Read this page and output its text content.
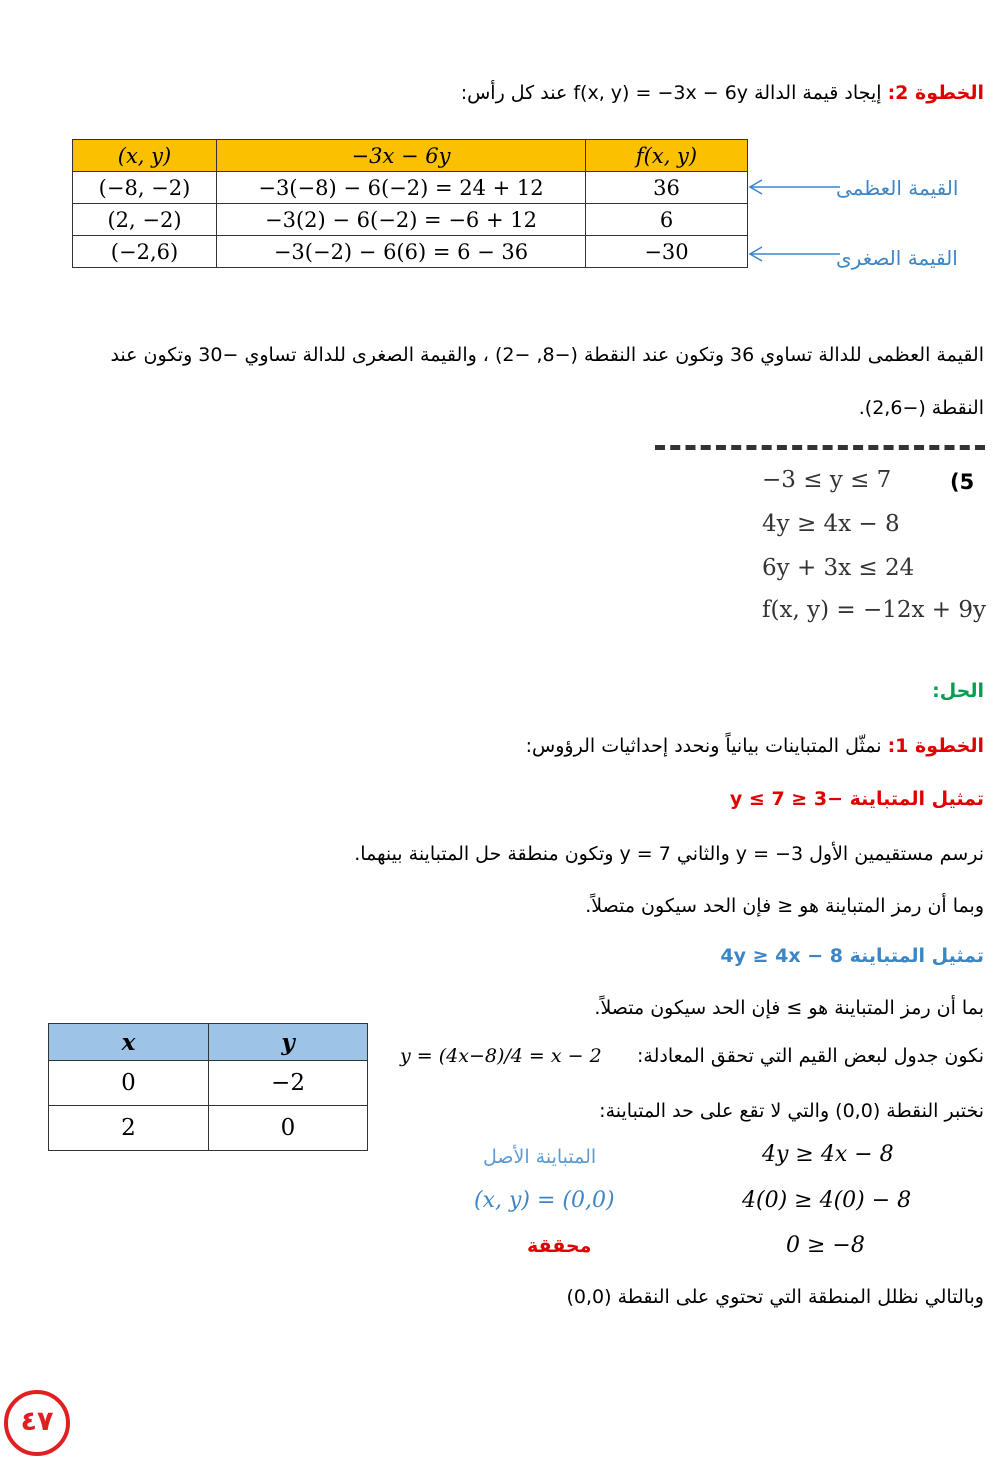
الخطوة 2: إيجاد قيمة الدالة f(x, y) = −3x − 6y عند كل رأس:
(x, y)	−3x − 6y	f(x, y)
(−8, −2)	−3(−8) − 6(−2) = 24 + 12	36
(2, −2)	−3(2) − 6(−2) = −6 + 12	6
(−2,6)	−3(−2) − 6(6) = 6 − 36	−30
القيمة العظمى
القيمة الصغرى
القيمة العظمى للدالة تساوي 36 وتكون عند النقطة (−8, −2) ، والقيمة الصغرى للدالة تساوي −30 وتكون عند
النقطة (−2,6).
(5
−3 ≤ y ≤ 7
4y ≥ 4x − 8
6y + 3x ≤ 24
f(x, y) = −12x + 9y
الحل:
الخطوة 1: نمثّل المتباينات بيانياً ونحدد إحداثيات الرؤوس:
تمثيل المتباينة −3 ≤ y ≤ 7
نرسم مستقيمين الأول y = −3 والثاني y = 7 وتكون منطقة حل المتباينة بينهما.
وبما أن رمز المتباينة هو ≤ فإن الحد سيكون متصلاً.
تمثيل المتباينة 4y ≥ 4x − 8
بما أن رمز المتباينة هو ≥ فإن الحد سيكون متصلاً.
نكون جدول لبعض القيم التي تحقق المعادلة:
y = (4x−8)/4 = x − 2
نختبر النقطة (0,0) والتي لا تقع على حد المتباينة:
x	y
0	−2
2	0
4y ≥ 4x − 8
المتباينة الأصل
4(0) ≥ 4(0) − 8
(x, y) = (0,0)
0 ≥ −8
محققة
وبالتالي نظلل المنطقة التي تحتوي على النقطة (0,0)
٤٧
